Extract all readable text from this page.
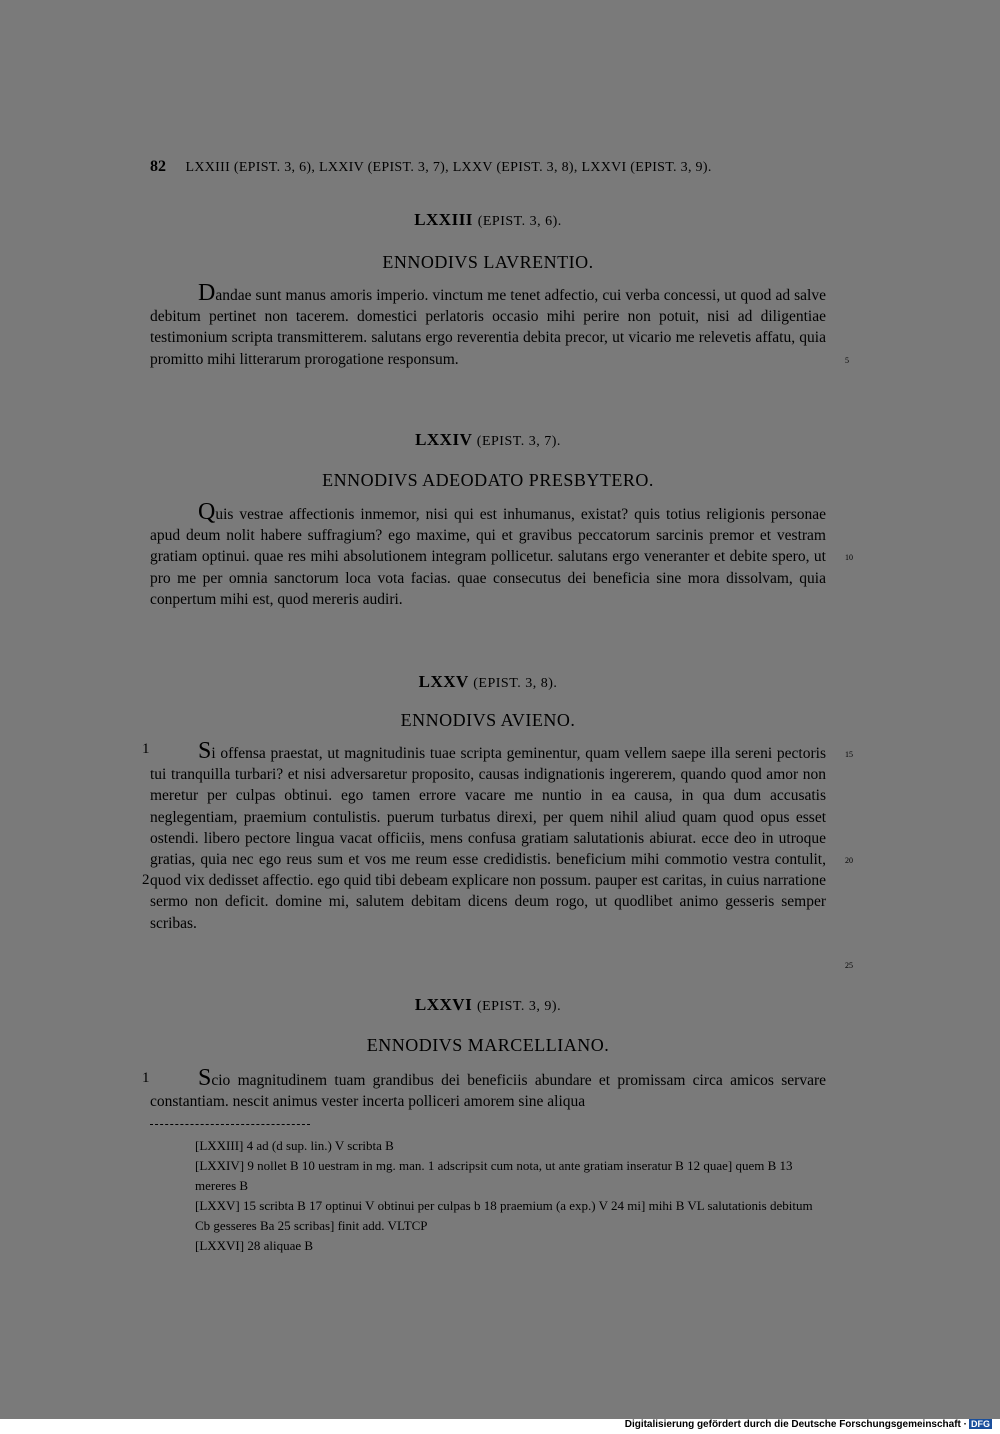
82 LXXIII (EPIST. 3, 6), LXXIV (EPIST. 3, 7), LXXV (EPIST. 3, 8), LXXVI (EPIST. 3, 9).
LXXIII (EPIST. 3, 6).
ENNODIVS LAVRENTIO.

Dandae sunt manus amoris imperio. vinctum me tenet adfectio, cui verba concessi, ut quod ad salve debitum pertinet non tacerem. domestici perlatoris occasio mihi perire non potuit, nisi ad diligentiae testimonium scripta transmitterem. salutans ergo reverentia debita precor, ut vicario me relevetis affatu, quia promitto mihi litterarum prorogatione responsum.

LXXIV (EPIST. 3, 7).
ENNODIVS ADEODATO PRESBYTERO.

Quis vestrae affectionis inmemor, nisi qui est inhumanus, existat? quis totius religionis personae apud deum nolit habere suffragium? ego maxime, qui et gravibus peccatorum sarcinis premor et vestram gratiam optinui. quae res mihi absolutionem integram pollicetur. salutans ergo veneranter et debite spero, ut pro me per omnia sanctorum loca vota facias. quae consecutus dei beneficia sine mora dissolvam, quia conpertum mihi est, quod mereris audiri.

LXXV (EPIST. 3, 8).
ENNODIVS AVIENO.

Si offensa praestat, ut magnitudinis tuae scripta geminentur, quam vellem saepe illa sereni pectoris tui tranquilla turbari? et nisi adversaretur proposito, causas indignationis ingererem, quando quod amor non meretur per culpas obtinui. ego tamen errore vacare me nuntio in ea causa, in qua dum accusatis neglegentiam, praemium contulistis. puerum turbatus direxi, per quem nihil aliud quam quod opus esset ostendi. libero pectore lingua vacat officiis, mens confusa gratiam salutationis abiurat. ecce deo in utroque gratias, quia nec ego reus sum et vos me reum esse credidistis. beneficium mihi commotio vestra contulit, quod vix dedisset affectio. ego quid tibi debeam explicare non possum. pauper est caritas, in cuius narratione sermo non deficit. domine mi, salutem debitam dicens deum rogo, ut quodlibet animo gesseris semper scribas.

LXXVI (EPIST. 3, 9).
ENNODIVS MARCELLIANO.

Scio magnitudinem tuam grandibus dei beneficiis abundare et promissam circa amicos servare constantiam. nescit animus vester incerta polliceri amorem sine aliqua

5
10
15
20
25
1
2
1

[LXXIII] 4 ad (d sup. lin.) V scribta B

[LXXIV] 9 nollet B 10 uestram in mg. man. 1 adscripsit cum nota, ut ante gratiam inseratur B 12 quae] quem B 13 mereres B

[LXXV] 15 scribta B 17 optinui V obtinui per culpas b 18 praemium (a exp.) V 24 mi] mihi B VL salutationis debitum Cb gesseres Ba 25 scribas] finit add. VLTCP

[LXXVI] 28 aliquae B

Digitalisierung gefördert durch die Deutsche Forschungsgemeinschaft · DFG
